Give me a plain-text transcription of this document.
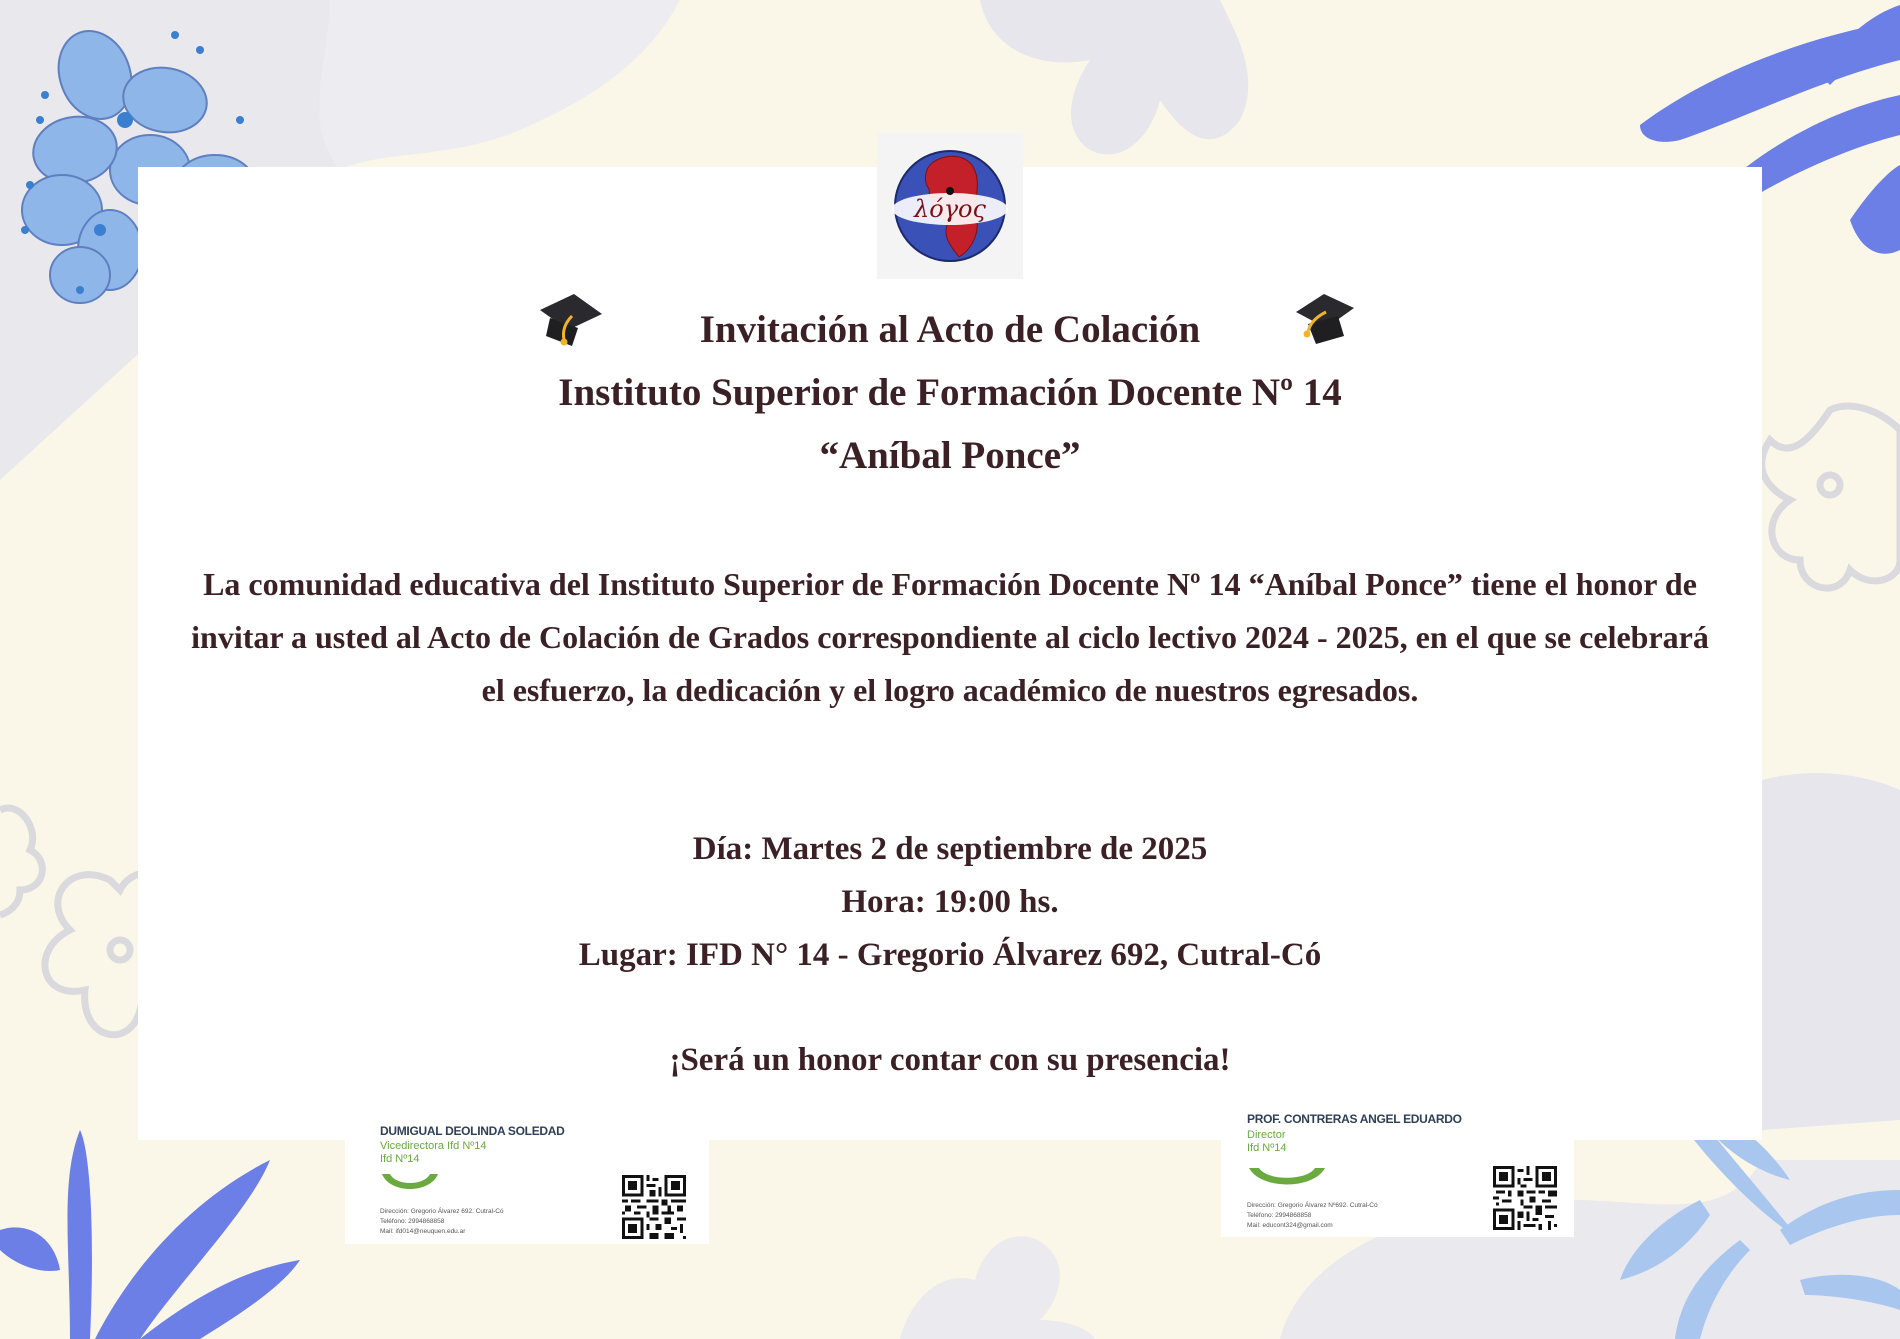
λόγος
Invitación al Acto de Colación
Instituto Superior de Formación Docente Nº 14
“Aníbal Ponce”

La comunidad educativa del Instituto Superior de Formación Docente Nº 14 “Aníbal Ponce” tiene el honor de invitar a usted al Acto de Colación de Grados correspondiente al ciclo lectivo 2024 - 2025, en el que se celebrará el esfuerzo, la dedicación y el logro académico de nuestros egresados.

Día: Martes 2 de septiembre de 2025

Hora: 19:00 hs.

Lugar: IFD N° 14 - Gregorio Álvarez 692, Cutral-Có

¡Será un honor contar con su presencia!

DUMIGUAL DEOLINDA SOLEDAD
Vicedirectora Ifd Nº14
Ifd Nº14
Dirección: Gregorio Álvarez 692. Cutral-Có
Teléfono: 2994868858
Mail: ifd014@neuquen.edu.ar
PROF. CONTRERAS ANGEL EDUARDO
Director
Ifd Nº14
Dirección: Gregorio Álvarez Nº692. Cutral-Có
Teléfono: 2994868858
Mail: educont324@gmail.com
